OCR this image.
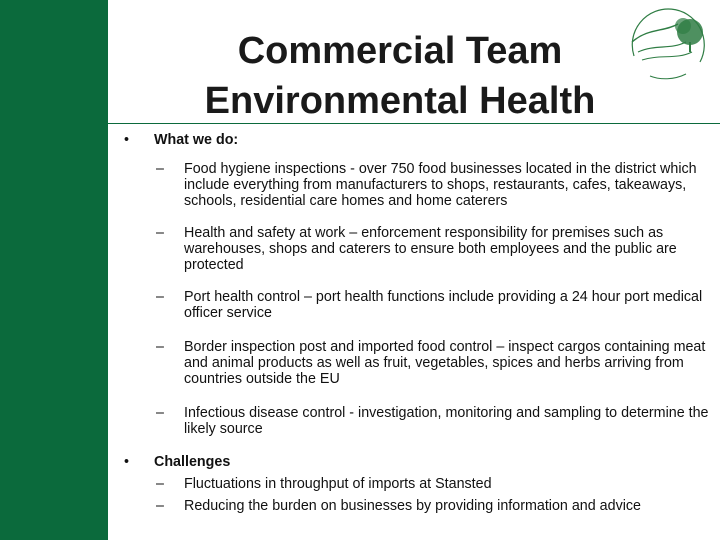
Commercial Team
Environmental Health
• What we do:
– Food hygiene inspections - over 750 food businesses located in the district which include everything from manufacturers to shops, restaurants, cafes, takeaways, schools, residential care homes and home caterers
– Health and safety at work – enforcement responsibility for premises such as warehouses, shops and caterers to ensure both employees and the public are protected
– Port health control – port health functions include providing a 24 hour port medical officer service
– Border inspection post and imported food control – inspect cargos containing meat and animal products as well as fruit, vegetables, spices and herbs arriving from countries outside the EU
– Infectious disease control - investigation, monitoring and sampling to determine the likely source
• Challenges
– Fluctuations in throughput of imports at Stansted
– Reducing the burden on businesses by providing information and advice
